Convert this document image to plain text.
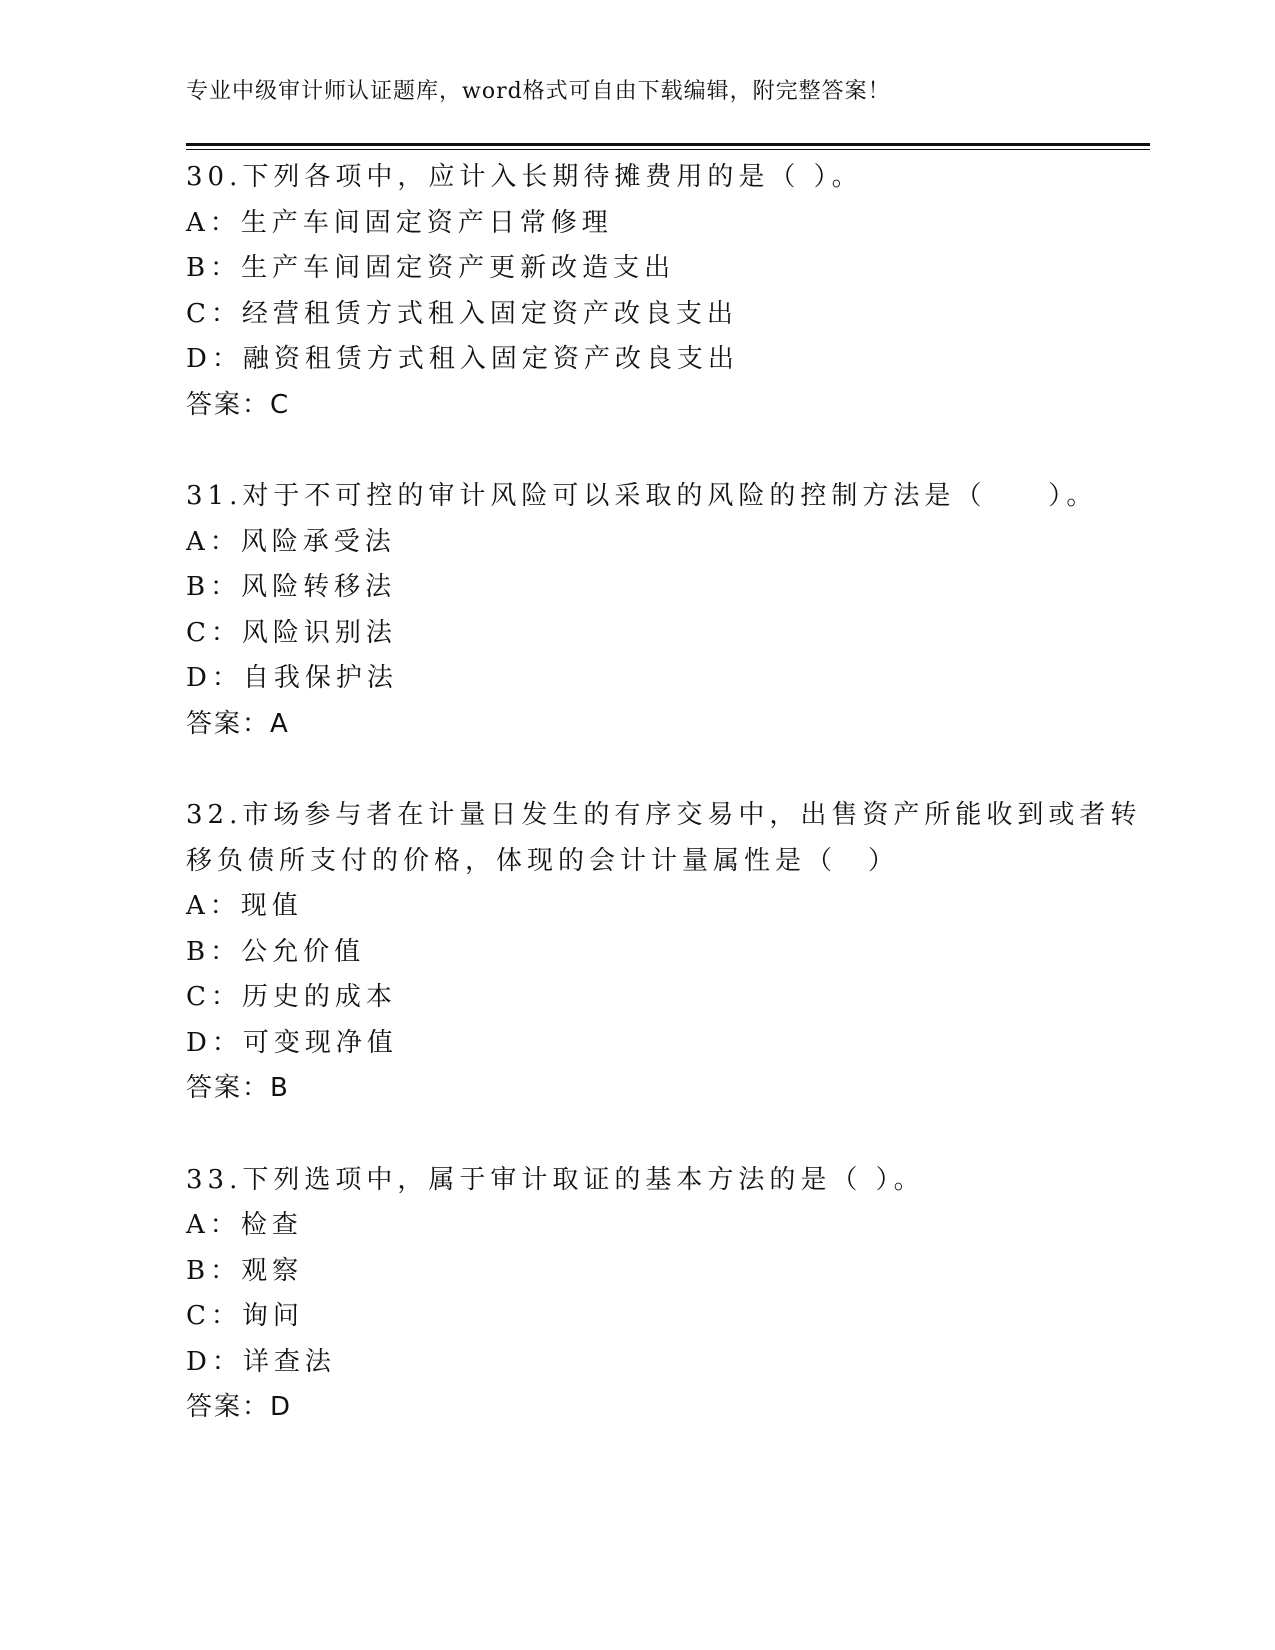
专业中级审计师认证题库，word格式可自由下载编辑，附完整答案！
30.下列各项中，应计入长期待摊费用的是（ ）。
A：生产车间固定资产日常修理
B：生产车间固定资产更新改造支出
C：经营租赁方式租入固定资产改良支出
D：融资租赁方式租入固定资产改良支出
答案：C
31.对于不可控的审计风险可以采取的风险的控制方法是（　　）。
A：风险承受法
B：风险转移法
C：风险识别法
D：自我保护法
答案：A
32.市场参与者在计量日发生的有序交易中，出售资产所能收到或者转
移负债所支付的价格，体现的会计计量属性是（　）
A：现值
B：公允价值
C：历史的成本
D：可变现净值
答案：B
33.下列选项中，属于审计取证的基本方法的是（ ）。
A：检查
B：观察
C：询问
D：详查法
答案：D
